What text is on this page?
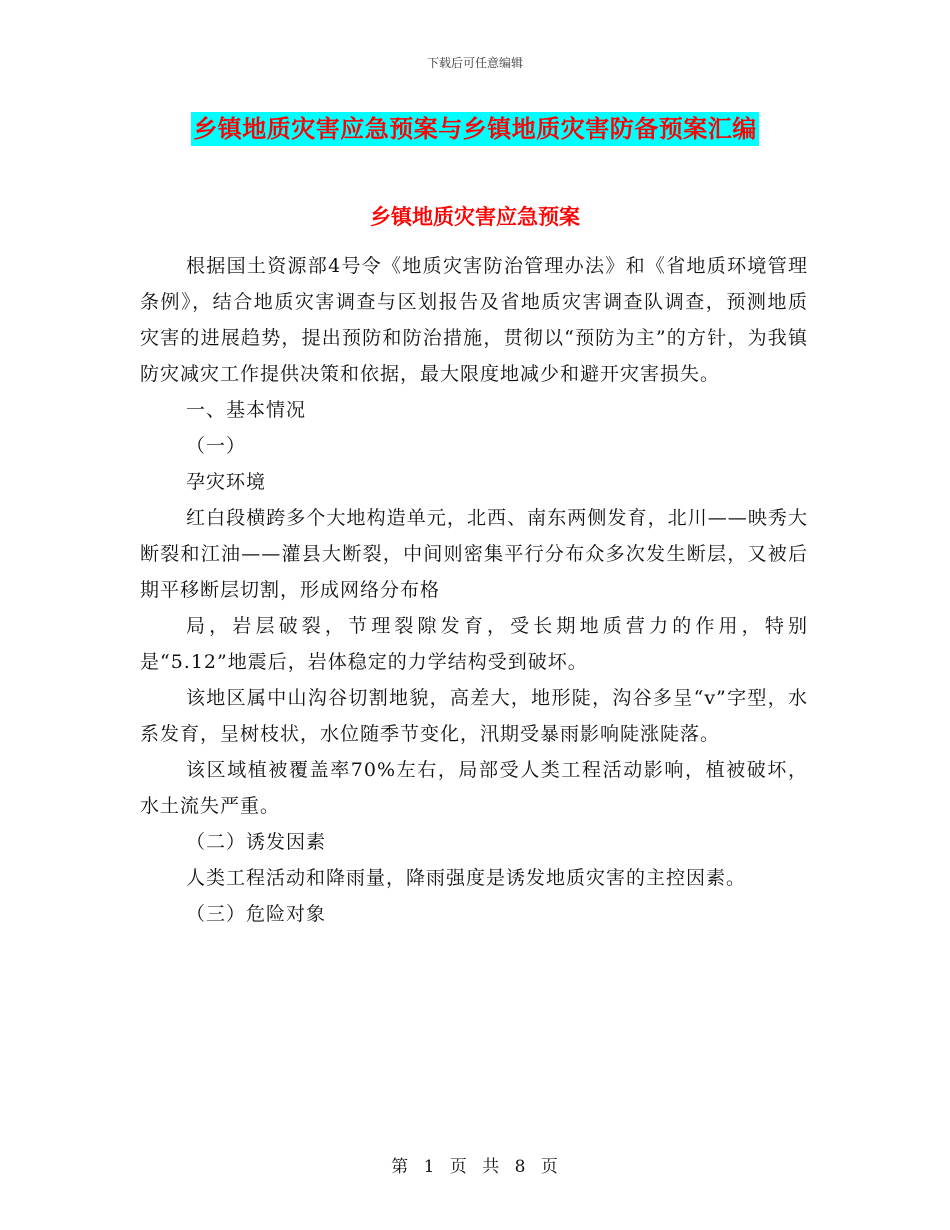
下载后可任意编辑
乡镇地质灾害应急预案与乡镇地质灾害防备预案汇编
乡镇地质灾害应急预案

根据国土资源部4号令《地质灾害防治管理办法》和《省地质环境管理条例》，结合地质灾害调查与区划报告及省地质灾害调查队调查，预测地质灾害的进展趋势，提出预防和防治措施，贯彻以“预防为主”的方针，为我镇防灾减灾工作提供决策和依据，最大限度地减少和避开灾害损失。

一、基本情况

（一）

孕灾环境

红白段横跨多个大地构造单元，北西、南东两侧发育，北川——映秀大断裂和江油——灌县大断裂，中间则密集平行分布众多次发生断层，又被后期平移断层切割，形成网络分布格

局，岩层破裂，节理裂隙发育，受长期地质营力的作用，特别是“5.12”地震后，岩体稳定的力学结构受到破坏。

该地区属中山沟谷切割地貌，高差大，地形陡，沟谷多呈“v”字型，水系发育，呈树枝状，水位随季节变化，汛期受暴雨影响陡涨陡落。

该区域植被覆盖率70%左右，局部受人类工程活动影响，植被破坏，水土流失严重。

（二）诱发因素

人类工程活动和降雨量，降雨强度是诱发地质灾害的主控因素。

（三）危险对象

第 1 页 共 8 页
